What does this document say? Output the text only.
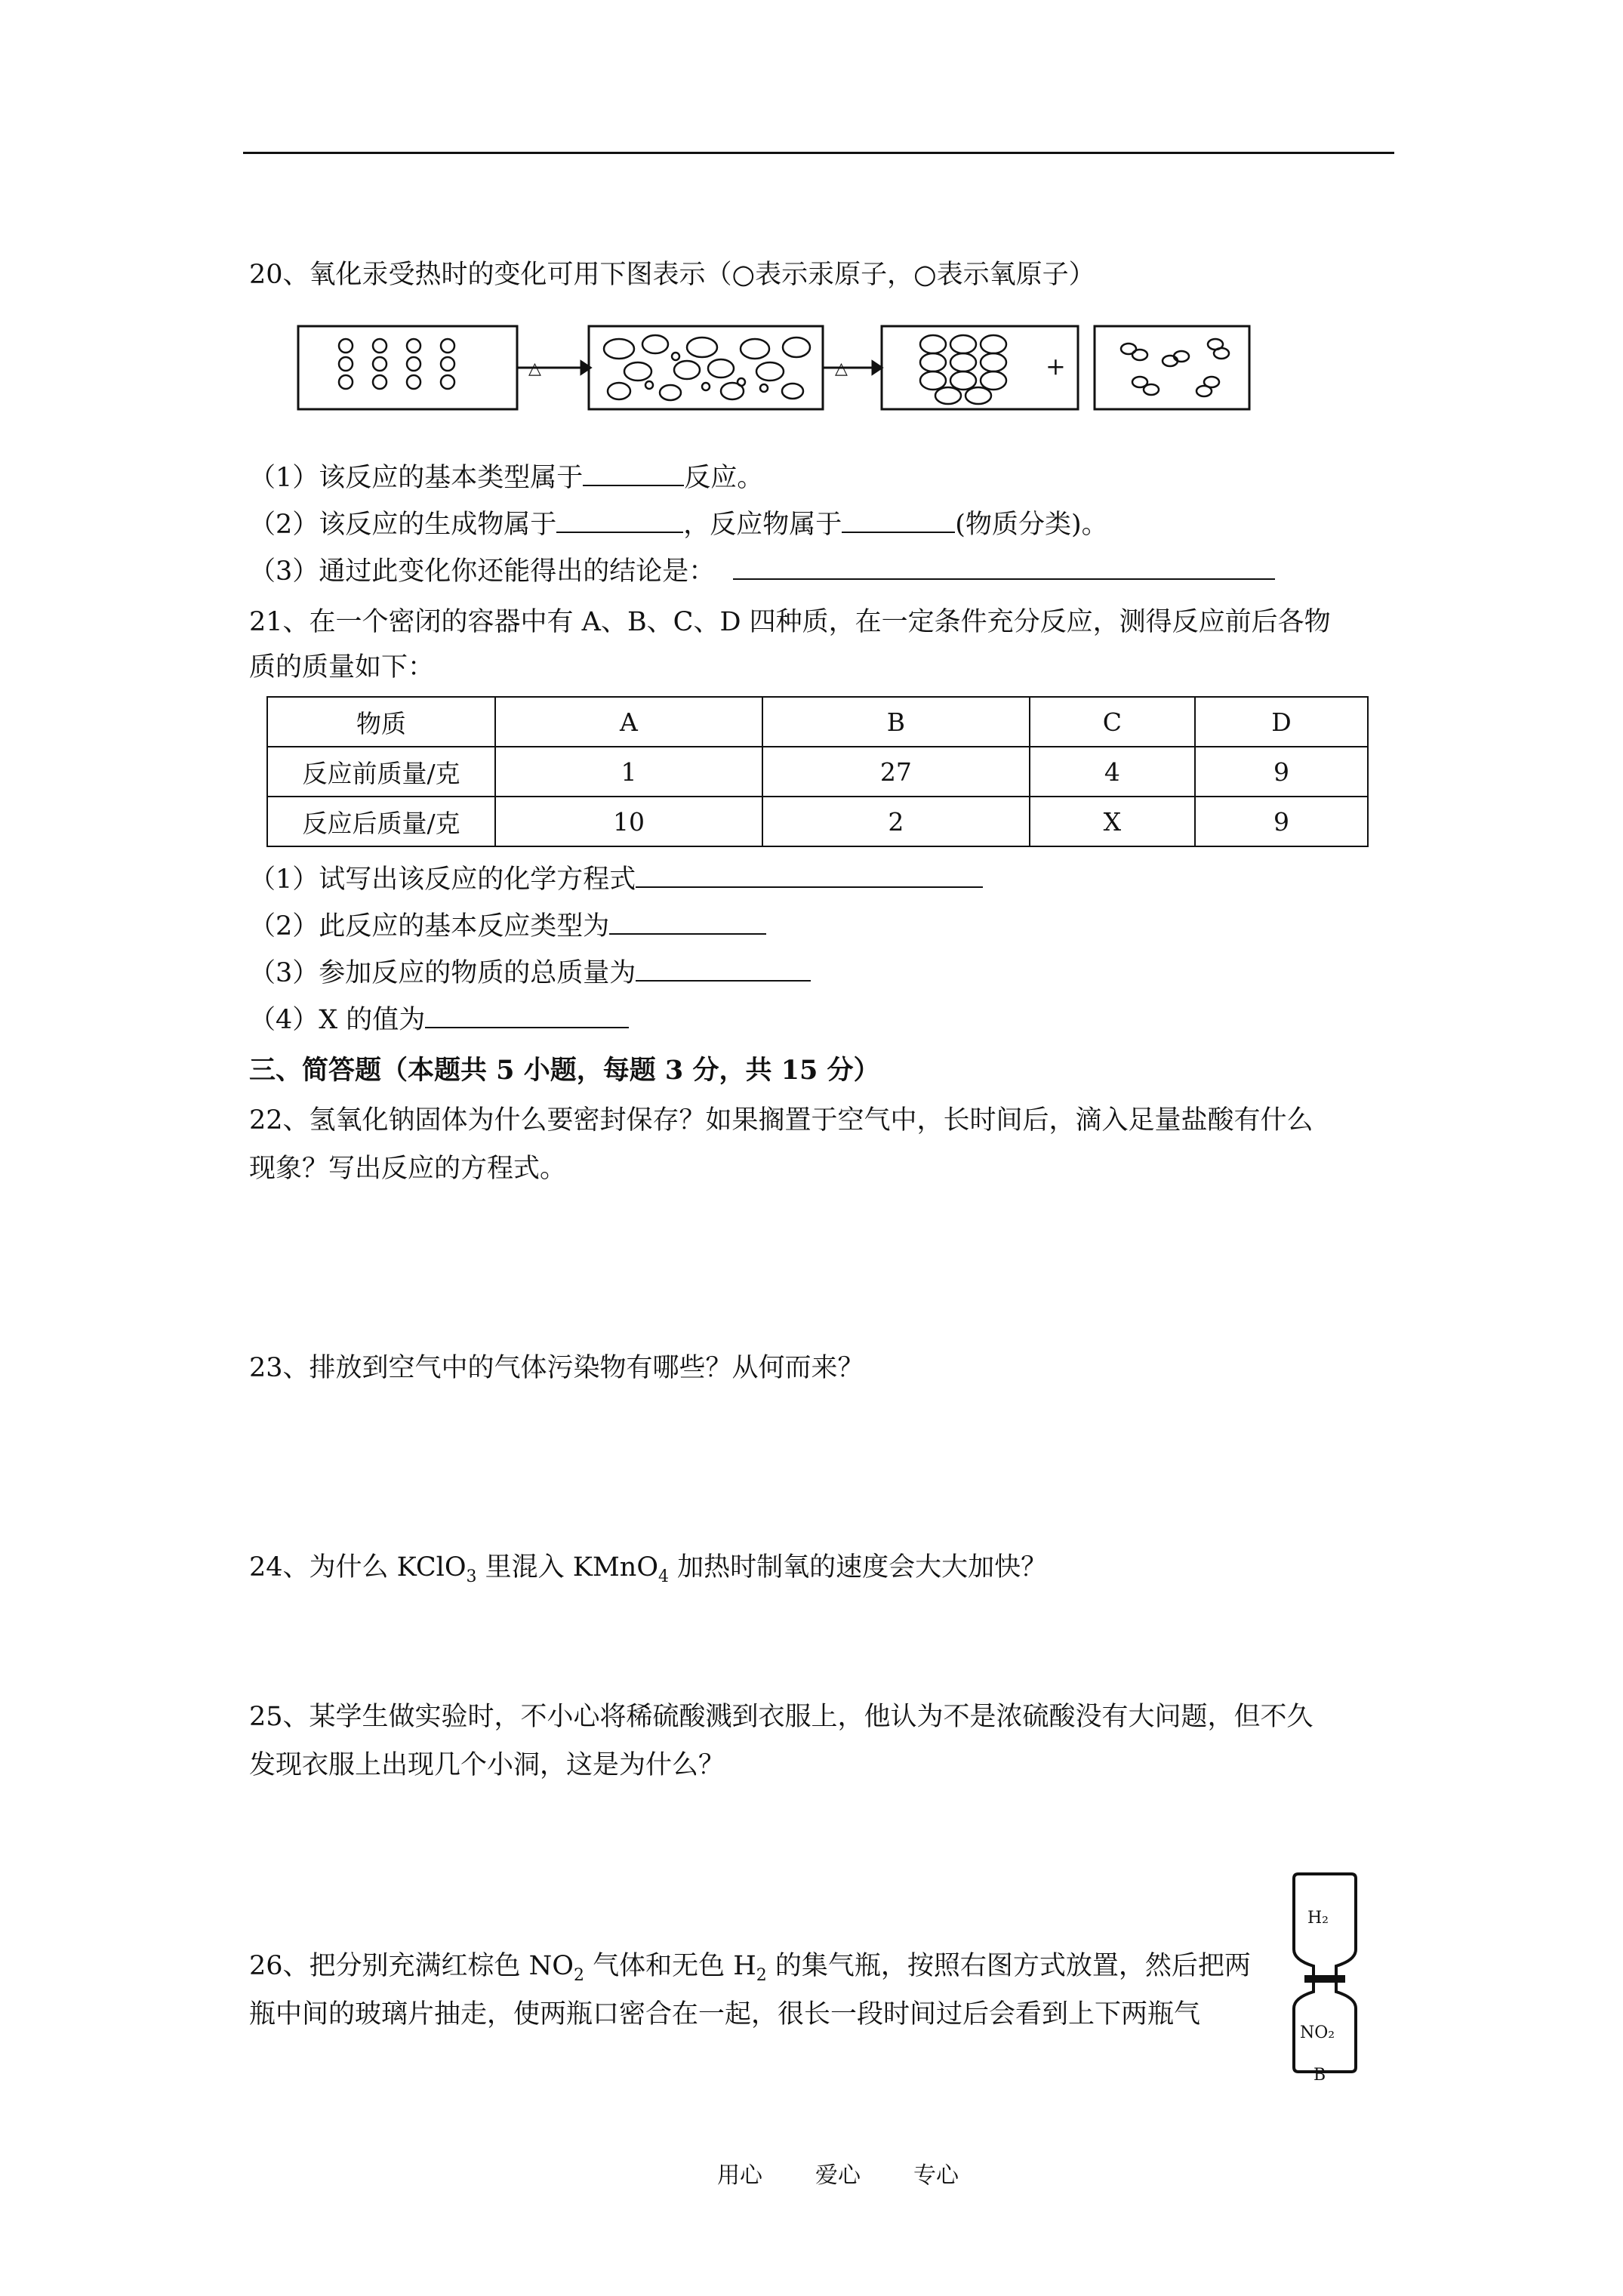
20、氧化汞受热时的变化可用下图表示（○表示汞原子，○表示氧原子）
△	△	+
（1）该反应的基本类型属于	反应。
（2）该反应的生成物属于	，反应物属于	(物质分类)。
（3）通过此变化你还能得出的结论是：
21、在一个密闭的容器中有 A、B、C、D 四种质，在一定条件充分反应，测得反应前后各物
质的质量如下：
物质	A	B	C	D
反应前质量/克	1	27	4	9
反应后质量/克	10	2	X	9
（1）试写出该反应的化学方程式
（2）此反应的基本反应类型为
（3）参加反应的物质的总质量为
（4）X 的值为
三、简答题（本题共 5 小题，每题 3 分，共 15 分）
22、氢氧化钠固体为什么要密封保存？如果搁置于空气中，长时间后，滴入足量盐酸有什么
现象？写出反应的方程式。
23、排放到空气中的气体污染物有哪些？从何而来？
24、为什么 KClO$_3$ 里混入 KMnO$_4$ 加热时制氧的速度会大大加快？
25、某学生做实验时，不小心将稀硫酸溅到衣服上，他认为不是浓硫酸没有大问题，但不久
发现衣服上出现几个小洞，这是为什么？
26、把分别充满红棕色 $NO_2$ 气体和无色 $H_2$ 的集气瓶，按照右图方式放置，然后把两
瓶中间的玻璃片抽走，使两瓶口密合在一起，很长一段时间过后会看到上下两瓶气
H₂
NO₂
B
用心 爱心 专心
